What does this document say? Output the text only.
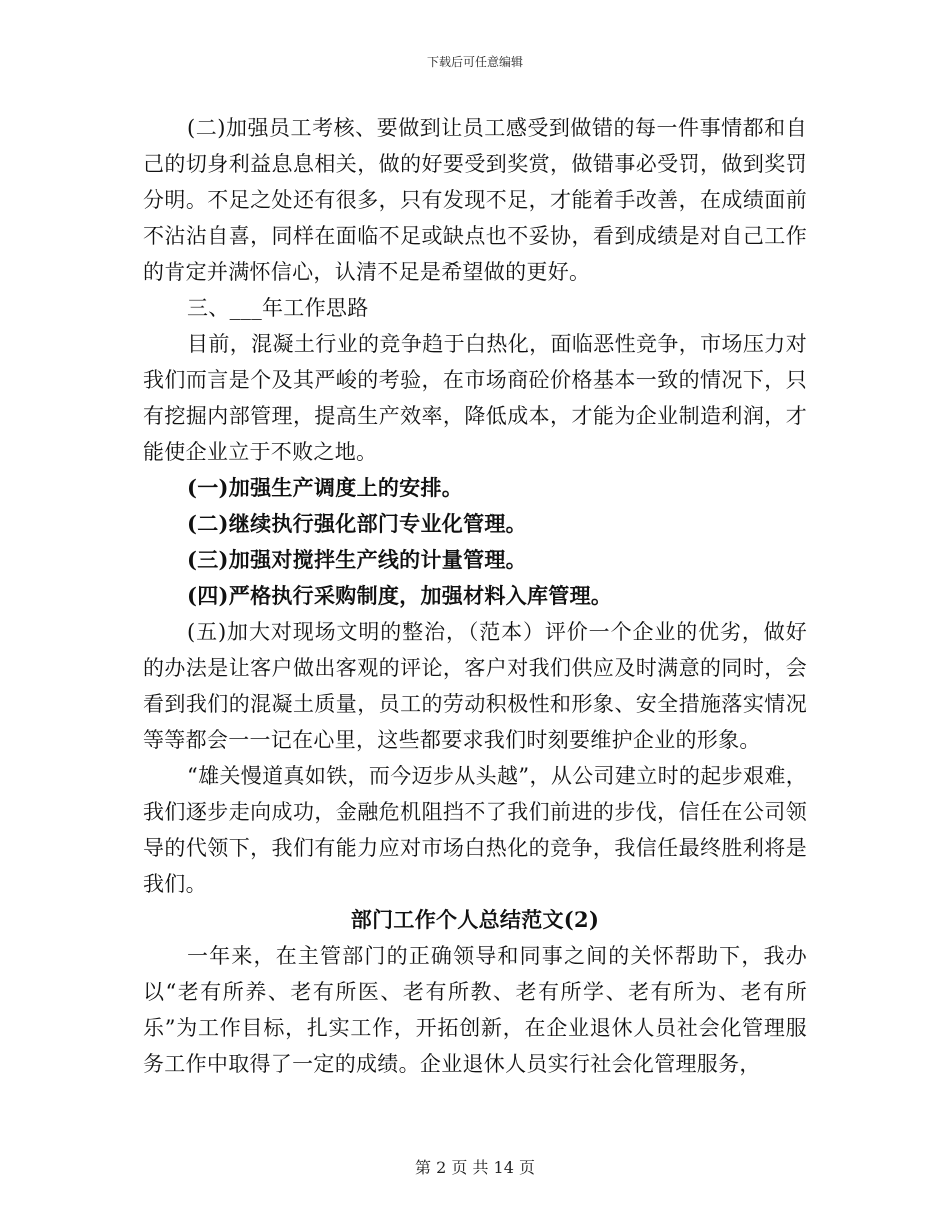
下载后可任意编辑

(二)加强员工考核、要做到让员工感受到做错的每一件事情都和自己的切身利益息息相关，做的好要受到奖赏，做错事必受罚，做到奖罚分明。不足之处还有很多，只有发现不足，才能着手改善，在成绩面前不沾沾自喜，同样在面临不足或缺点也不妥协，看到成绩是对自己工作的肯定并满怀信心，认清不足是希望做的更好。

三、___年工作思路

目前，混凝土行业的竞争趋于白热化，面临恶性竞争，市场压力对我们而言是个及其严峻的考验，在市场商砼价格基本一致的情况下，只有挖掘内部管理，提高生产效率，降低成本，才能为企业制造利润，才能使企业立于不败之地。

(一)加强生产调度上的安排。

(二)继续执行强化部门专业化管理。

(三)加强对搅拌生产线的计量管理。

(四)严格执行采购制度，加强材料入库管理。

(五)加大对现场文明的整治，（范本）评价一个企业的优劣，做好的办法是让客户做出客观的评论，客户对我们供应及时满意的同时，会看到我们的混凝土质量，员工的劳动积极性和形象、安全措施落实情况等等都会一一记在心里，这些都要求我们时刻要维护企业的形象。

“雄关慢道真如铁，而今迈步从头越”，从公司建立时的起步艰难，我们逐步走向成功，金融危机阻挡不了我们前进的步伐，信任在公司领导的代领下，我们有能力应对市场白热化的竞争，我信任最终胜利将是我们。

部门工作个人总结范文(2)

一年来，在主管部门的正确领导和同事之间的关怀帮助下，我办以“老有所养、老有所医、老有所教、老有所学、老有所为、老有所乐”为工作目标，扎实工作，开拓创新，在企业退休人员社会化管理服务工作中取得了一定的成绩。企业退休人员实行社会化管理服务，

第 2 页 共 14 页
